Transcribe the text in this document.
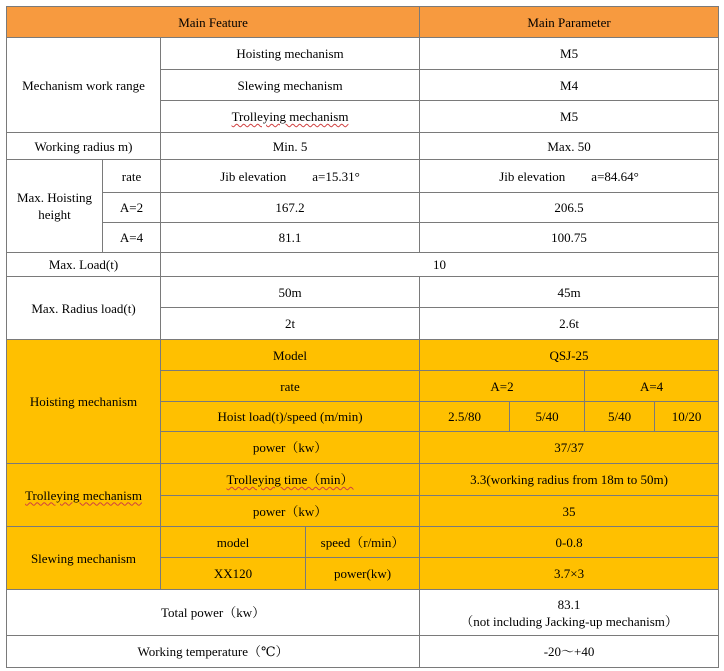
Main Feature				Main Parameter			
Mechanism work range		Hoisting mechanism		M5			
		Slewing mechanism		M4			
		Trolleying mechanism		M5			
Working radius m)		Min. 5		Max. 50			
Max. Hoisting height	rate	Jib elevation　　a=15.31°		Jib elevation　　a=84.64°			
	A=2	167.2		206.5			
	A=4	81.1		100.75			
Max. Load(t)		10					
Max. Radius load(t)		50m		45m			
		2t		2.6t			
Hoisting mechanism		Model		QSJ-25			
		rate		A=2		A=4	
		Hoist load(t)/speed (m/min)		2.5/80	5/40	5/40	10/20
		power（kw）		37/37			
Trolleying mechanism		Trolleying time（min）		3.3(working radius from 18m to 50m)			
		power（kw）		35			
Slewing mechanism		model	speed（r/min）	0-0.8			
		XX120	power(kw)	3.7×3			
Total power（kw）				83.1
（not including Jacking-up mechanism）			

Working temperature（℃）				-20～+40			
